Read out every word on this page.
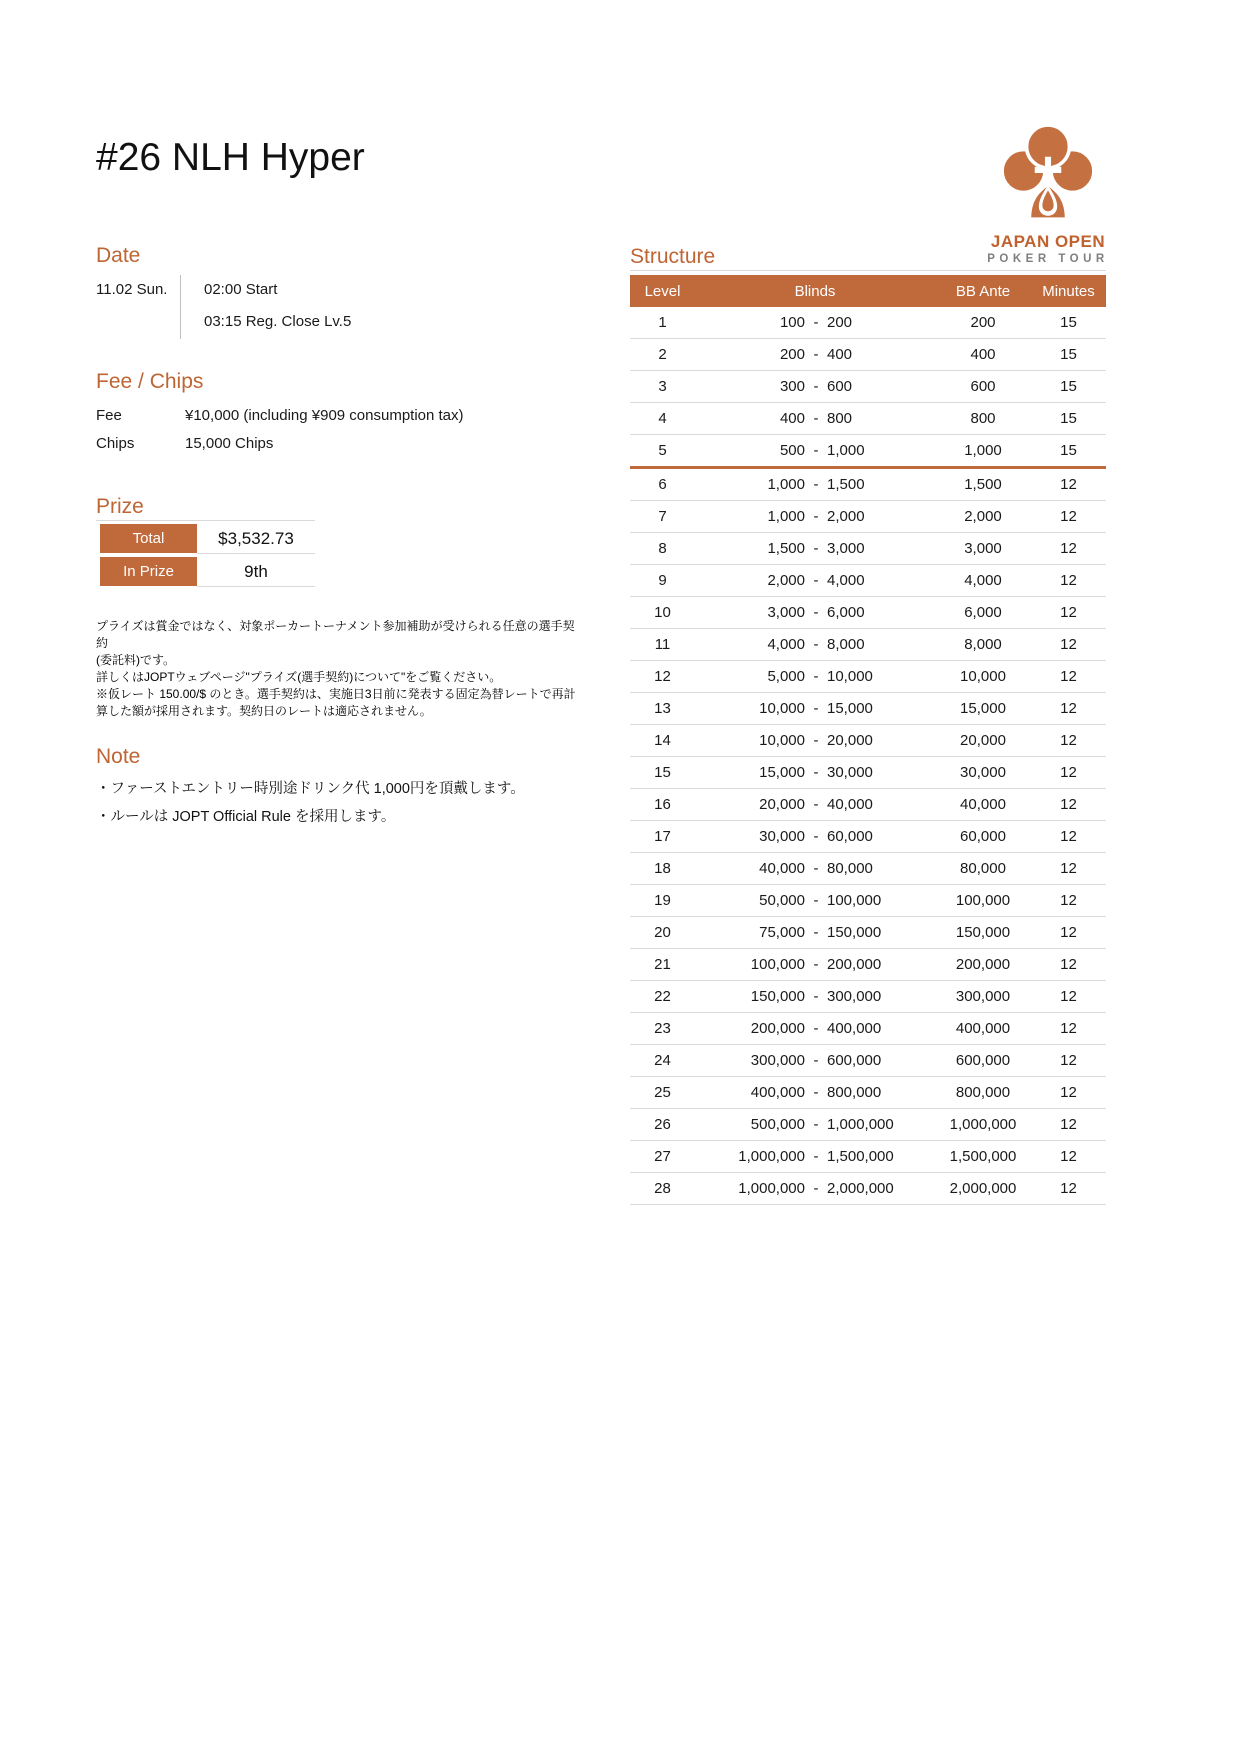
#26 NLH Hyper
JAPAN OPEN
POKER TOUR
Date
11.02 Sun.	02:00 Start
03:15 Reg. Close Lv.5
Fee / Chips
Fee	¥10,000 (including ¥909 consumption tax)
Chips	15,000 Chips
Prize
Total	$3,532.73
In Prize	9th
プライズは賞金ではなく、対象ポーカートーナメント参加補助が受けられる任意の選手契約
(委託料)です。
詳しくはJOPTウェブページ"プライズ(選手契約)について"をご覧ください。
※仮レート 150.00/$ のとき。選手契約は、実施日3日前に発表する固定為替レートで再計
算した額が採用されます。契約日のレートは適応されません。
Note
・ファーストエントリー時別途ドリンク代 1,000円を頂戴します。
・ルールは JOPT Official Rule を採用します。
Structure
Level	Blinds	BB Ante	Minutes
1	100 - 200	200	15
2	200 - 400	400	15
3	300 - 600	600	15
4	400 - 800	800	15
5	500 - 1,000	1,000	15
6	1,000 - 1,500	1,500	12
7	1,000 - 2,000	2,000	12
8	1,500 - 3,000	3,000	12
9	2,000 - 4,000	4,000	12
10	3,000 - 6,000	6,000	12
11	4,000 - 8,000	8,000	12
12	5,000 - 10,000	10,000	12
13	10,000 - 15,000	15,000	12
14	10,000 - 20,000	20,000	12
15	15,000 - 30,000	30,000	12
16	20,000 - 40,000	40,000	12
17	30,000 - 60,000	60,000	12
18	40,000 - 80,000	80,000	12
19	50,000 - 100,000	100,000	12
20	75,000 - 150,000	150,000	12
21	100,000 - 200,000	200,000	12
22	150,000 - 300,000	300,000	12
23	200,000 - 400,000	400,000	12
24	300,000 - 600,000	600,000	12
25	400,000 - 800,000	800,000	12
26	500,000 - 1,000,000	1,000,000	12
27	1,000,000 - 1,500,000	1,500,000	12
28	1,000,000 - 2,000,000	2,000,000	12
